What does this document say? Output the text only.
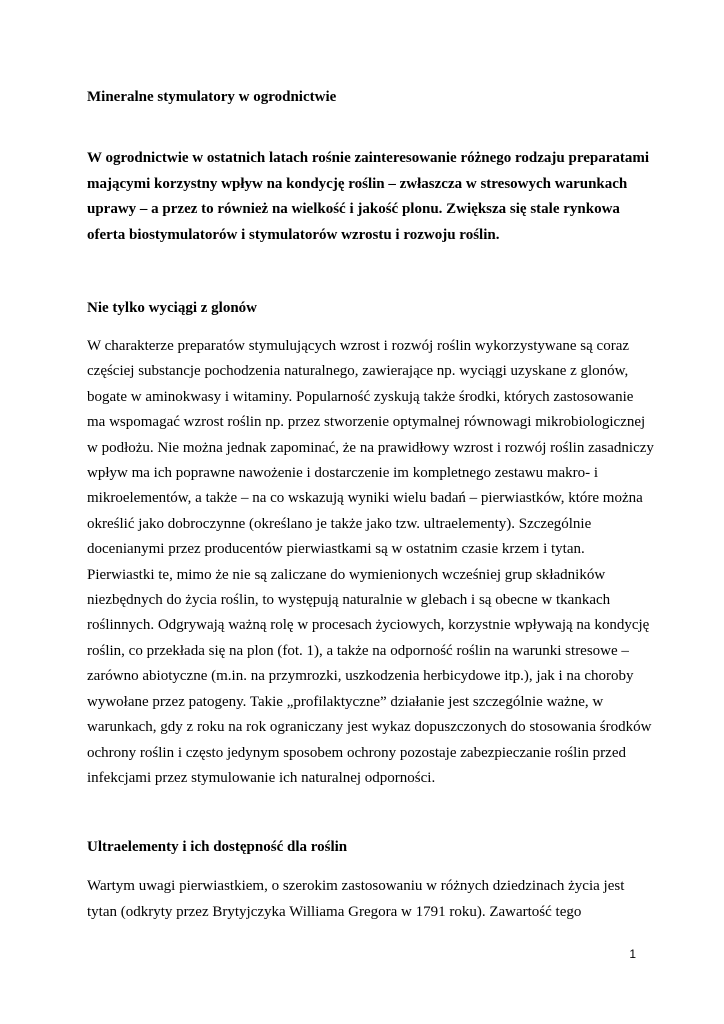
Mineralne stymulatory w ogrodnictwie
W ogrodnictwie w ostatnich latach rośnie zainteresowanie różnego rodzaju preparatami
mającymi korzystny wpływ na kondycję roślin – zwłaszcza w stresowych warunkach
uprawy – a przez to również na wielkość i jakość plonu. Zwiększa się stale rynkowa
oferta biostymulatorów i stymulatorów wzrostu i rozwoju roślin.
Nie tylko wyciągi z glonów
W charakterze preparatów stymulujących wzrost i rozwój roślin wykorzystywane są coraz
częściej substancje pochodzenia naturalnego, zawierające np. wyciągi uzyskane z glonów,
bogate w aminokwasy i witaminy. Popularność zyskują także środki, których zastosowanie
ma wspomagać wzrost roślin np. przez stworzenie optymalnej równowagi mikrobiologicznej
w podłożu. Nie można jednak zapominać, że na prawidłowy wzrost i rozwój roślin zasadniczy
wpływ ma ich poprawne nawożenie i dostarczenie im kompletnego zestawu makro- i
mikroelementów, a także – na co wskazują wyniki wielu badań – pierwiastków, które można
określić jako dobroczynne (określano je także jako tzw. ultraelementy). Szczególnie
docenianymi przez producentów pierwiastkami są w ostatnim czasie krzem i tytan.
Pierwiastki te, mimo że nie są zaliczane do wymienionych wcześniej grup składników
niezbędnych do życia roślin, to występują naturalnie w glebach i są obecne w tkankach
roślinnych. Odgrywają ważną rolę w procesach życiowych, korzystnie wpływają na kondycję
roślin, co przekłada się na plon (fot. 1), a także na odporność roślin na warunki stresowe –
zarówno abiotyczne (m.in. na przymrozki, uszkodzenia herbicydowe itp.), jak i na choroby
wywołane przez patogeny. Takie „profilaktyczne” działanie jest szczególnie ważne, w
warunkach, gdy z roku na rok ograniczany jest wykaz dopuszczonych do stosowania środków
ochrony roślin i często jedynym sposobem ochrony pozostaje zabezpieczanie roślin przed
infekcjami przez stymulowanie ich naturalnej odporności.
Ultraelementy i ich dostępność dla roślin
Wartym uwagi pierwiastkiem, o szerokim zastosowaniu w różnych dziedzinach życia jest
tytan (odkryty przez Brytyjczyka Williama Gregora w 1791 roku). Zawartość tego
1
